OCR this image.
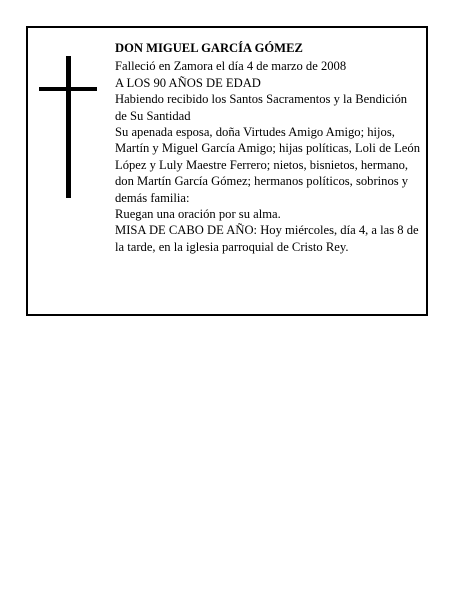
DON MIGUEL GARCÍA GÓMEZ

Falleció en Zamora el día 4 de marzo de 2008

A LOS 90 AÑOS DE EDAD

Habiendo recibido los Santos Sacramentos y la Bendición de Su Santidad

Su apenada esposa, doña Virtudes Amigo Amigo; hijos, Martín y Miguel García Amigo; hijas políticas, Loli de León López y Luly Maestre Ferrero; nietos, bisnietos, hermano, don Martín García Gómez; hermanos políticos, sobrinos y demás familia:

Ruegan una oración por su alma.

MISA DE CABO DE AÑO: Hoy miércoles, día 4, a las 8 de la tarde, en la iglesia parroquial de Cristo Rey.
